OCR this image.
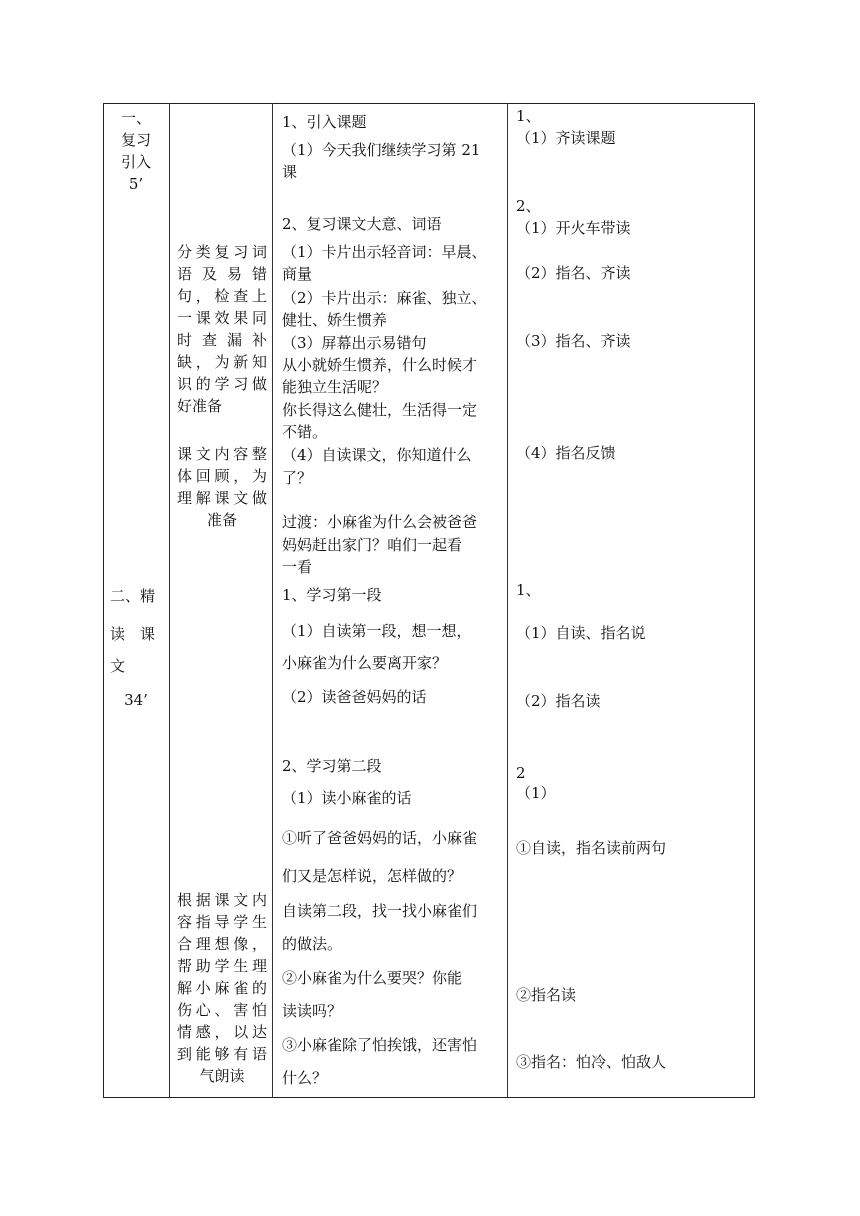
一、
复习
引入
5’
二、精
读　课
文
34’
分类复习词
语及易错
句，检查上
一课效果同
时查漏补
缺，为新知
识的学习做
好准备
课文内容整
体回顾，为
理解课文做
准备
根据课文内
容指导学生
合理想像，
帮助学生理
解小麻雀的
伤心、害怕
情感，以达
到能够有语
气朗读
1、引入课题
（1）今天我们继续学习第 21
课
2、复习课文大意、词语
（1）卡片出示轻音词：早晨、
商量
（2）卡片出示：麻雀、独立、
健壮、娇生惯养
（3）屏幕出示易错句
从小就娇生惯养，什么时候才
能独立生活呢？
你长得这么健壮，生活得一定
不错。
（4）自读课文，你知道什么
了？
过渡：小麻雀为什么会被爸爸
妈妈赶出家门？咱们一起看
一看
1、学习第一段
（1）自读第一段，想一想，
小麻雀为什么要离开家？
（2）读爸爸妈妈的话
2、学习第二段
（1）读小麻雀的话
①听了爸爸妈妈的话，小麻雀
们又是怎样说，怎样做的？
自读第二段，找一找小麻雀们
的做法。
②小麻雀为什么要哭？你能
读读吗？
③小麻雀除了怕挨饿，还害怕
什么？
1、
（1）齐读课题
2、
（1）开火车带读
（2）指名、齐读
（3）指名、齐读
（4）指名反馈
1、
（1）自读、指名说
（2）指名读
2
（1）
①自读，指名读前两句
②指名读
③指名：怕冷、怕敌人
